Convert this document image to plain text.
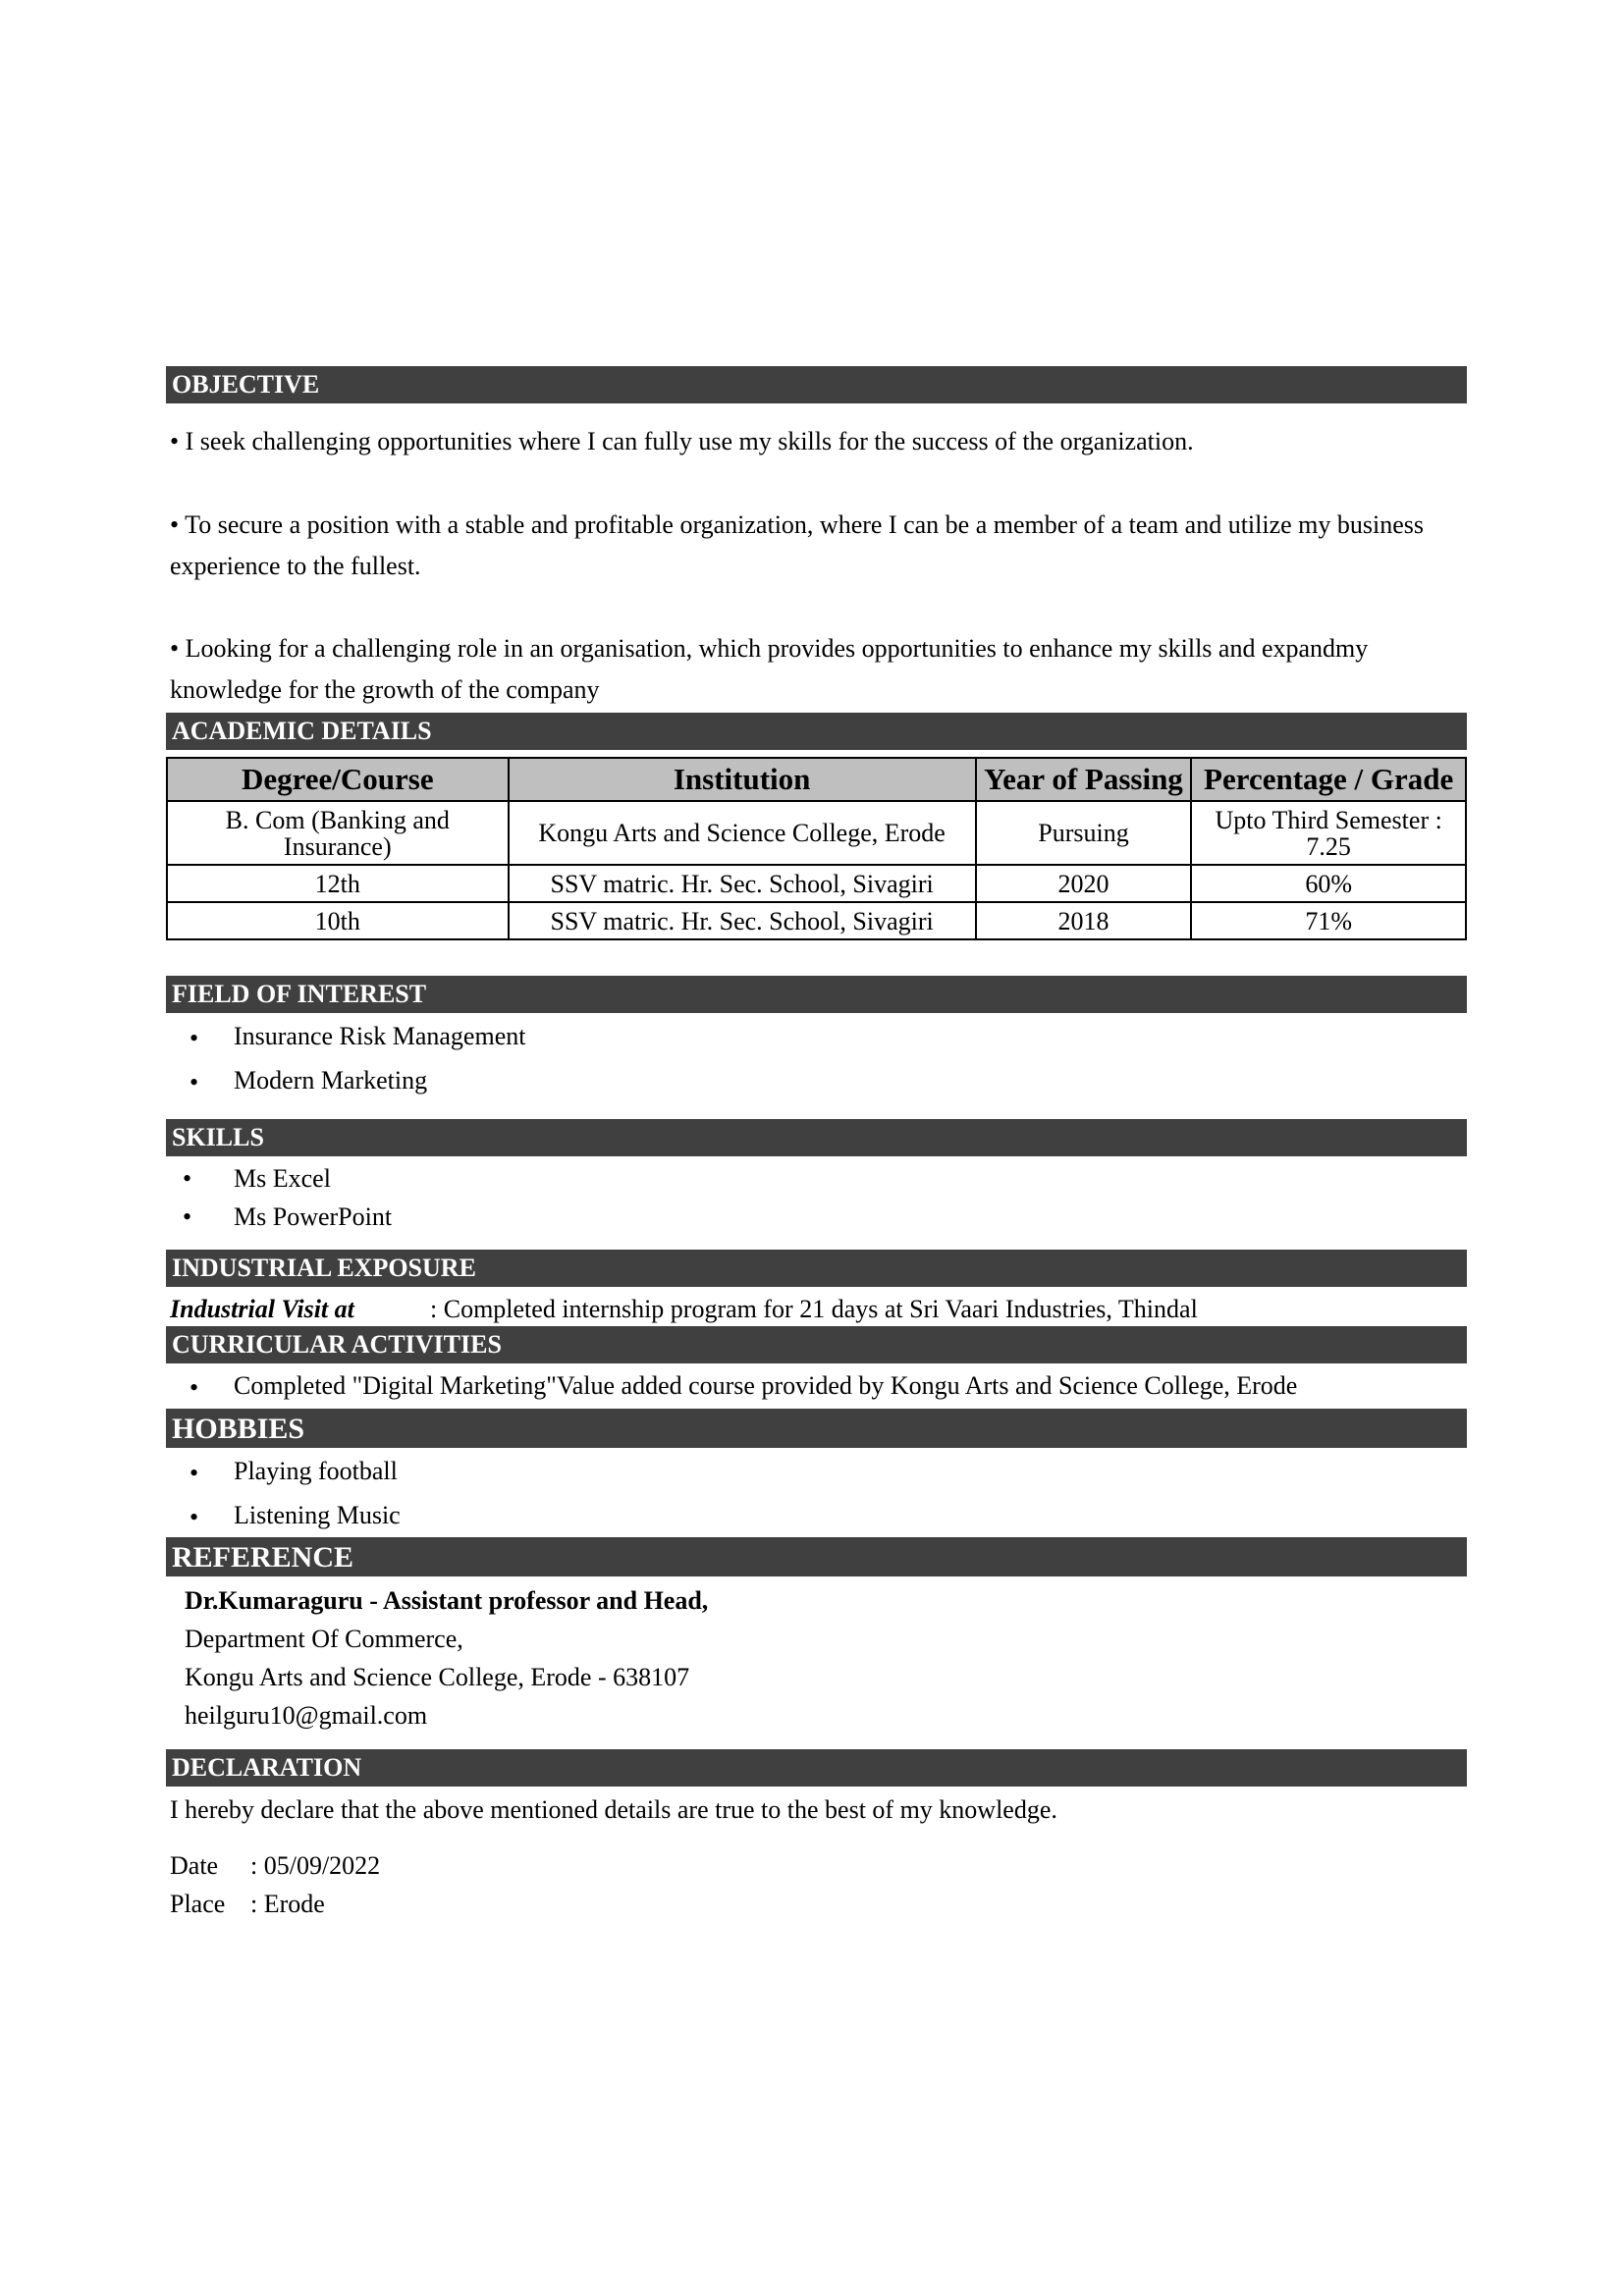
OBJECTIVE
• I seek challenging opportunities where I can fully use my skills for the success of the organization.
• To secure a position with a stable and profitable organization, where I can be a member of a team and utilize my business experience to the fullest.
• Looking for a challenging role in an organisation, which provides opportunities to enhance my skills and expandmy knowledge for the growth of the company
ACADEMIC DETAILS
Degree/Course	Institution	Year of Passing	Percentage / Grade
B. Com (Banking and Insurance)	Kongu Arts and Science College, Erode	Pursuing	Upto Third Semester : 7.25
12th	SSV matric. Hr. Sec. School, Sivagiri	2020	60%
10th	SSV matric. Hr. Sec. School, Sivagiri	2018	71%
FIELD OF INTEREST
• Insurance Risk Management
• Modern Marketing
SKILLS
• Ms Excel
• Ms PowerPoint
INDUSTRIAL EXPOSURE
Industrial Visit at	: Completed internship program for 21 days at Sri Vaari Industries, Thindal
CURRICULAR ACTIVITIES
• Completed "Digital Marketing"Value added course provided by Kongu Arts and Science College, Erode
HOBBIES
• Playing football
• Listening Music
REFERENCE
Dr.Kumaraguru - Assistant professor and Head,
Department Of Commerce,
Kongu Arts and Science College, Erode - 638107
heilguru10@gmail.com
DECLARATION
I hereby declare that the above mentioned details are true to the best of my knowledge.
Date : 05/09/2022
Place : Erode
